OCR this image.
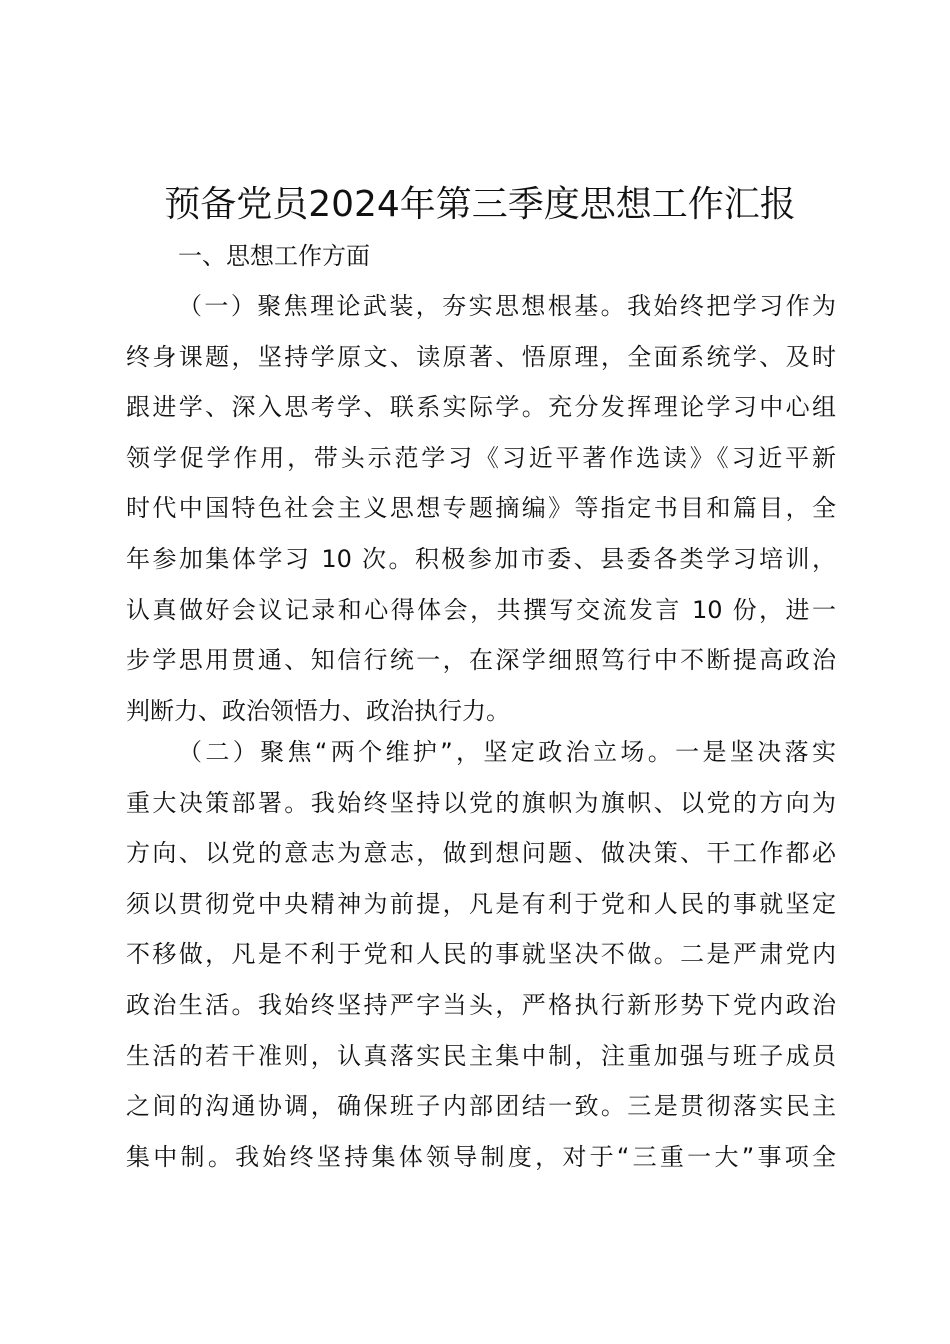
预备党员2024年第三季度思想工作汇报
一、思想工作方面
（一）聚焦理论武装，夯实思想根基。我始终把学习作为
终身课题，坚持学原文、读原著、悟原理，全面系统学、及时
跟进学、深入思考学、联系实际学。充分发挥理论学习中心组
领学促学作用，带头示范学习《习近平著作选读》《习近平新
时代中国特色社会主义思想专题摘编》等指定书目和篇目，全
年参加集体学习 10 次。积极参加市委、县委各类学习培训，
认真做好会议记录和心得体会，共撰写交流发言 10 份，进一
步学思用贯通、知信行统一，在深学细照笃行中不断提高政治
判断力、政治领悟力、政治执行力。
（二）聚焦“两个维护”，坚定政治立场。一是坚决落实
重大决策部署。我始终坚持以党的旗帜为旗帜、以党的方向为
方向、以党的意志为意志，做到想问题、做决策、干工作都必
须以贯彻党中央精神为前提，凡是有利于党和人民的事就坚定
不移做，凡是不利于党和人民的事就坚决不做。二是严肃党内
政治生活。我始终坚持严字当头，严格执行新形势下党内政治
生活的若干准则，认真落实民主集中制，注重加强与班子成员
之间的沟通协调，确保班子内部团结一致。三是贯彻落实民主
集中制。我始终坚持集体领导制度，对于“三重一大”事项全
